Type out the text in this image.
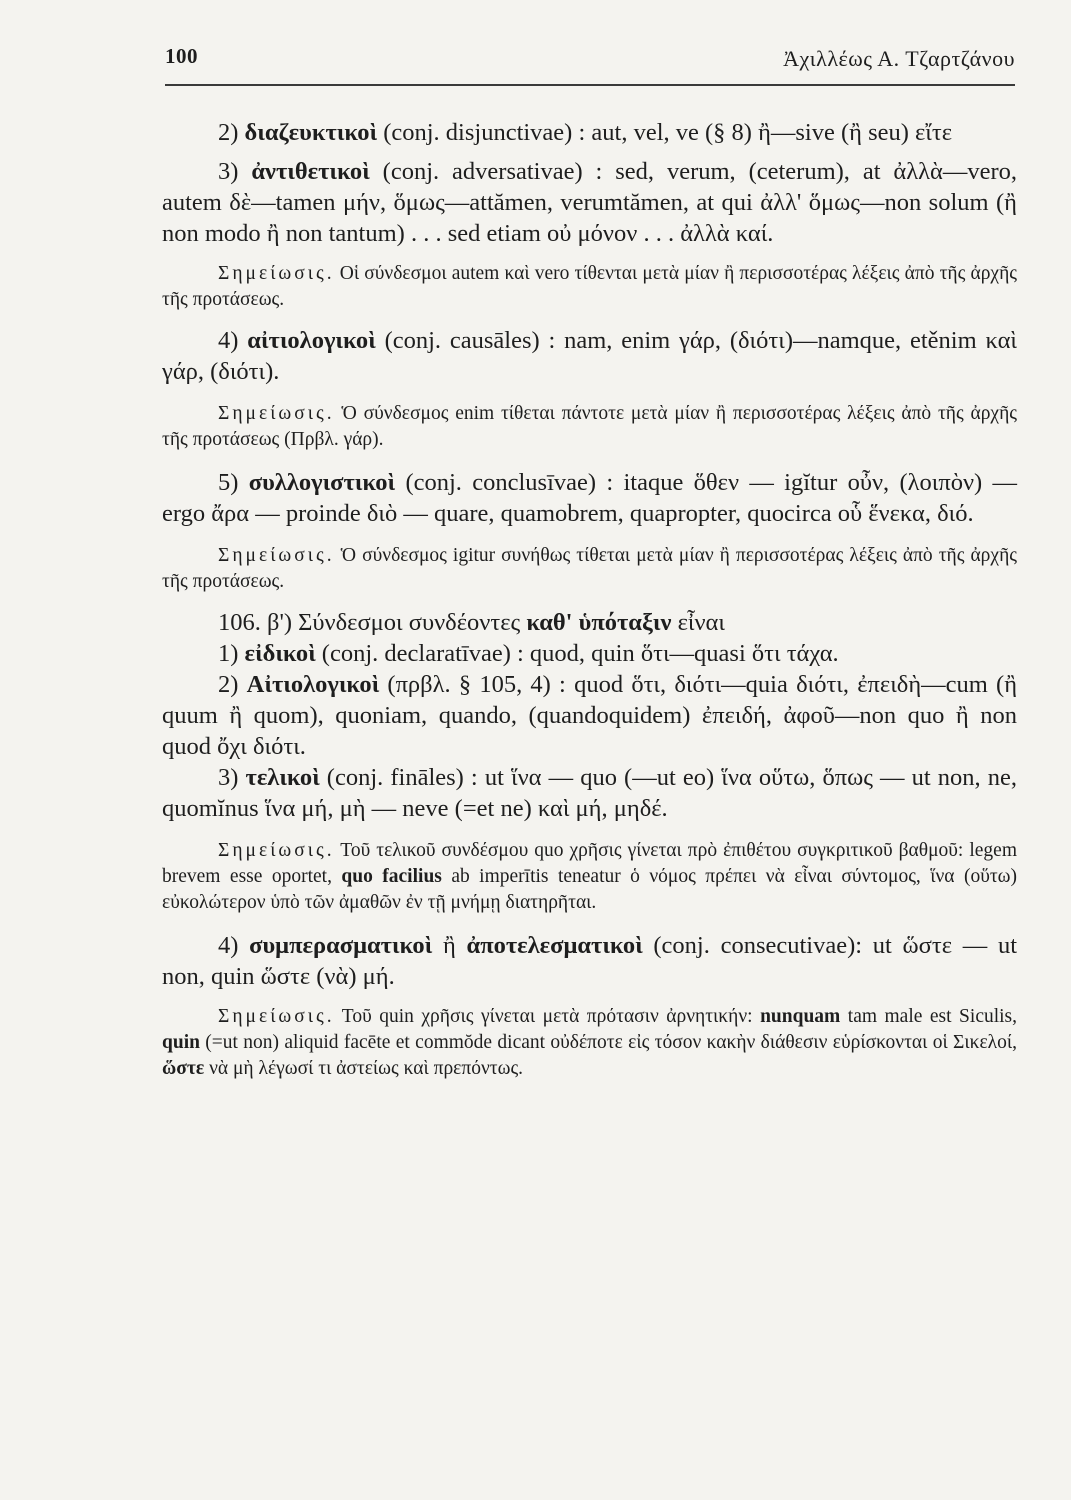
100	Ἀχιλλέως Α. Τζαρτζάνου

2) διαζευκτικοὶ (conj. disjunctivae) : aut, vel, ve (§ 8) ἢ—sive (ἢ seu) εἴτε

3) ἀντιθετικοὶ (conj. adversativae) : sed, verum, (ceterum), at ἀλλὰ—vero, autem δὲ—tamen μήν, ὅμως—attămen, verumtămen, at qui ἀλλ' ὅμως—non solum (ἢ non modo ἢ non tantum) . . . sed etiam οὐ μόνον . . . ἀλλὰ καί.

Σημείωσις. Οἱ σύνδεσμοι autem καὶ vero τίθενται μετὰ μίαν ἢ περισσοτέρας λέξεις ἀπὸ τῆς ἀρχῆς τῆς προτάσεως.

4) αἰτιολογικοὶ (conj. causāles) : nam, enim γάρ, (διότι)—namque, etěnim καὶ γάρ, (διότι).

Σημείωσις. Ὁ σύνδεσμος enim τίθεται πάντοτε μετὰ μίαν ἢ περισσοτέρας λέξεις ἀπὸ τῆς ἀρχῆς τῆς προτάσεως (Πρβλ. γάρ).

5) συλλογιστικοὶ (conj. conclusīvae) : itaque ὅθεν — igĭtur οὖν, (λοιπὸν) — ergo ἄρα — proinde διὸ — quare, quamobrem, quapropter, quocirca οὗ ἕνεκα, διό.

Σημείωσις. Ὁ σύνδεσμος igitur συνήθως τίθεται μετὰ μίαν ἢ περισσοτέρας λέξεις ἀπὸ τῆς ἀρχῆς τῆς προτάσεως.

106. β') Σύνδεσμοι συνδέοντες καθ' ὑπόταξιν εἶναι

1) εἰδικοὶ (conj. declaratīvae) : quod, quin ὅτι—quasi ὅτι τάχα.

2) Αἰτιολογικοὶ (πρβλ. § 105, 4) : quod ὅτι, διότι—quia διότι, ἐπειδὴ—cum (ἢ quum ἢ quom), quoniam, quando, (quandoquidem) ἐπειδή, ἀφοῦ—non quo ἢ non quod ὄχι διότι.

3) τελικοὶ (conj. fināles) : ut ἵνα — quo (—ut eo) ἵνα οὕτω, ὅπως — ut non, ne, quomĭnus ἵνα μή, μὴ — neve (=et ne) καὶ μή, μηδέ.

Σημείωσις. Τοῦ τελικοῦ συνδέσμου quo χρῆσις γίνεται πρὸ ἐπιθέτου συγκριτικοῦ βαθμοῦ: legem brevem esse oportet, quo facilius ab imperītis teneatur ὁ νόμος πρέπει νὰ εἶναι σύντομος, ἵνα (οὕτω) εὐκολώτερον ὑπὸ τῶν ἀμαθῶν ἐν τῇ μνήμῃ διατηρῆται.

4) συμπερασματικοὶ ἢ ἀποτελεσματικοὶ (conj. consecutivae): ut ὥστε — ut non, quin ὥστε (νὰ) μή.

Σημείωσις. Τοῦ quin χρῆσις γίνεται μετὰ πρότασιν ἀρνητικήν: nunquam tam male est Siculis, quin (=ut non) aliquid facēte et commŏde dicant οὐδέποτε εἰς τόσον κακὴν διάθεσιν εὑρίσκονται οἱ Σικελοί, ὥστε νὰ μὴ λέγωσί τι ἀστείως καὶ πρεπόντως.
